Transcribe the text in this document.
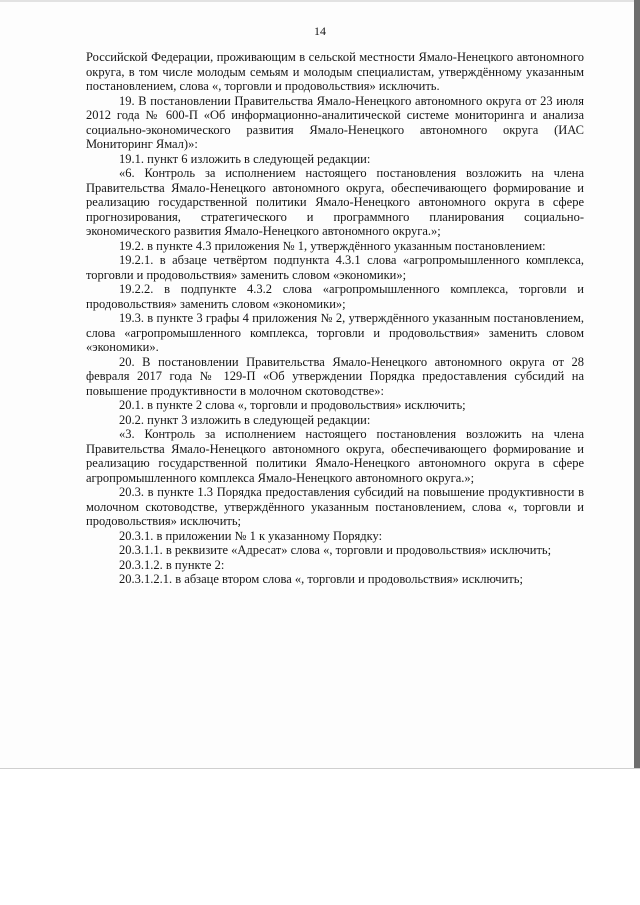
14

Российской Федерации, проживающим в сельской местности Ямало-Ненецкого автономного округа, в том числе молодым семьям и молодым специалистам, утверждённому указанным постановлением, слова «, торговли и продовольствия» исключить.

19. В постановлении Правительства Ямало-Ненецкого автономного округа от 23 июля 2012 года № 600-П «Об информационно-аналитической системе мониторинга и анализа социально-экономического развития Ямало-Ненецкого автономного округа (ИАС Мониторинг Ямал)»:

19.1. пункт 6 изложить в следующей редакции:

«6. Контроль за исполнением настоящего постановления возложить на члена Правительства Ямало-Ненецкого автономного округа, обеспечивающего формирование и реализацию государственной политики Ямало-Ненецкого автономного округа в сфере прогнозирования, стратегического и программного планирования социально-экономического развития Ямало-Ненецкого автономного округа.»;

19.2. в пункте 4.3 приложения № 1, утверждённого указанным постановлением:

19.2.1. в абзаце четвёртом подпункта 4.3.1 слова «агропромышленного комплекса, торговли и продовольствия» заменить словом «экономики»;

19.2.2. в подпункте 4.3.2 слова «агропромышленного комплекса, торговли и продовольствия» заменить словом «экономики»;

19.3. в пункте 3 графы 4 приложения № 2, утверждённого указанным постановлением, слова «агропромышленного комплекса, торговли и продовольствия» заменить словом «экономики».

20. В постановлении Правительства Ямало-Ненецкого автономного округа от 28 февраля 2017 года № 129-П «Об утверждении Порядка предоставления субсидий на повышение продуктивности в молочном скотоводстве»:

20.1. в пункте 2 слова «, торговли и продовольствия» исключить;

20.2. пункт 3 изложить в следующей редакции:

«3. Контроль за исполнением настоящего постановления возложить на члена Правительства Ямало-Ненецкого автономного округа, обеспечивающего формирование и реализацию государственной политики Ямало-Ненецкого автономного округа в сфере агропромышленного комплекса Ямало-Ненецкого автономного округа.»;

20.3. в пункте 1.3 Порядка предоставления субсидий на повышение продуктивности в молочном скотоводстве, утверждённого указанным постановлением, слова «, торговли и продовольствия» исключить;

20.3.1. в приложении № 1 к указанному Порядку:

20.3.1.1. в реквизите «Адресат» слова «, торговли и продовольствия» исключить;

20.3.1.2. в пункте 2:

20.3.1.2.1. в абзаце втором слова «, торговли и продовольствия» исключить;
